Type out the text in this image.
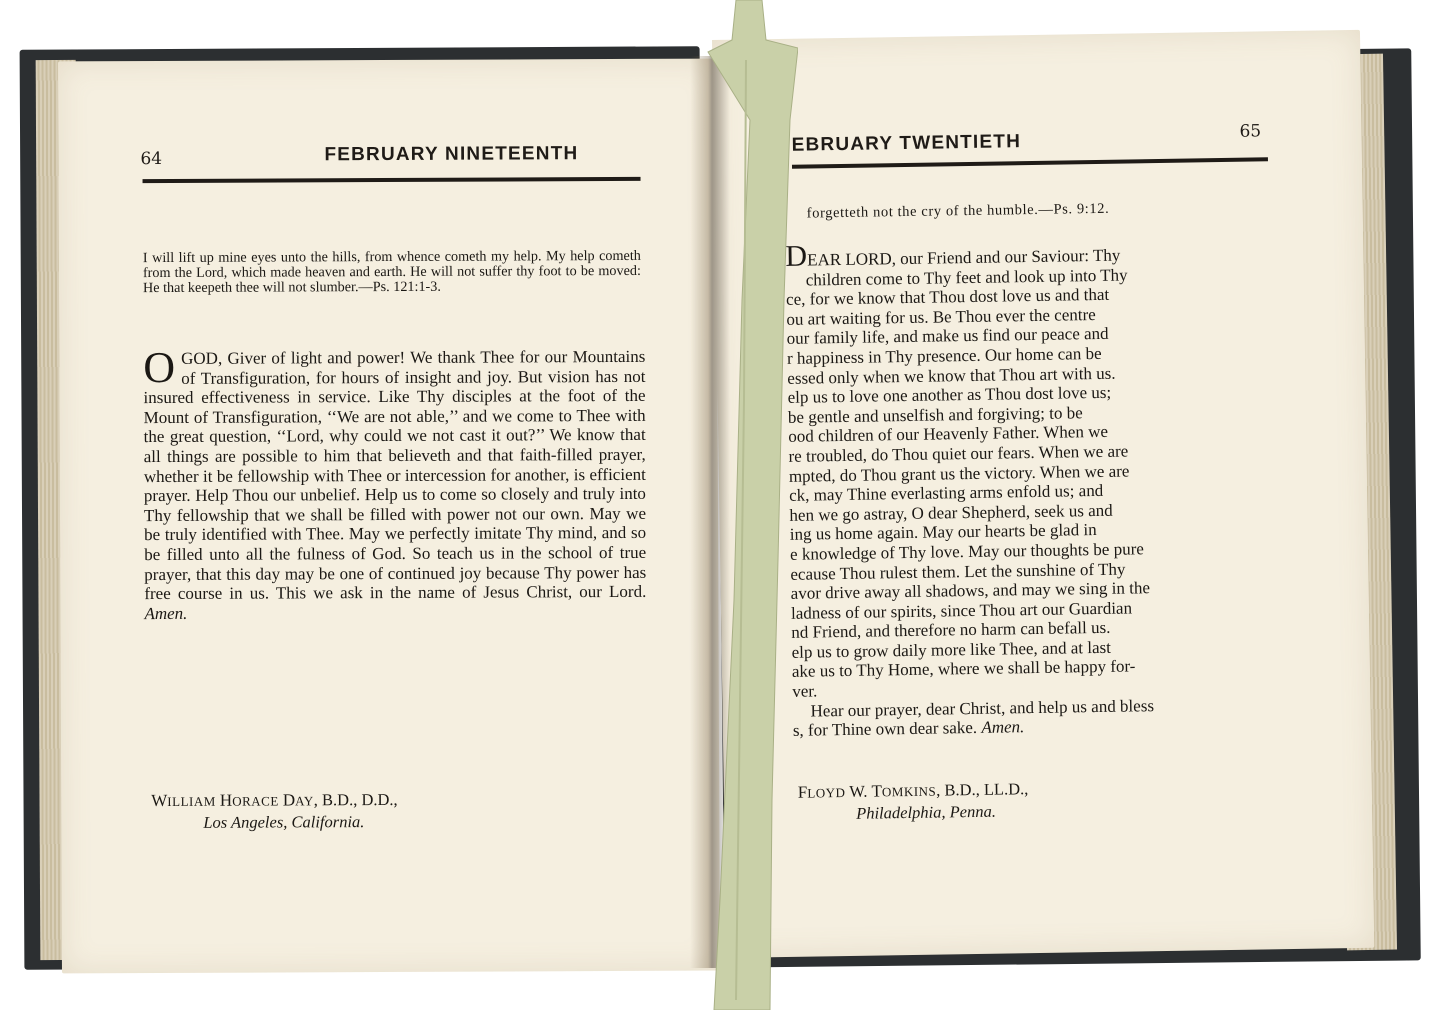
64	FEBRUARY NINETEENTH

I will lift up mine eyes unto the hills, from whence cometh my help. My help cometh from the Lord, which made heaven and earth. He will not suffer thy foot to be moved: He that keepeth thee will not slumber.—Ps. 121:1-3.

O GOD, Giver of light and power! We thank Thee for our Mountains of Transfiguration, for hours of insight and joy. But vision has not insured effectiveness in service. Like Thy disciples at the foot of the Mount of Transfiguration, ‘‘We are not able,’’ and we come to Thee with the great question, ‘‘Lord, why could we not cast it out?’’ We know that all things are possible to him that believeth and that faith-filled prayer, whether it be fellowship with Thee or intercession for another, is efficient prayer. Help Thou our unbelief. Help us to come so closely and truly into Thy fellowship that we shall be filled with power not our own. May we be truly identified with Thee. May we perfectly imitate Thy mind, and so be filled unto all the fulness of God. So teach us in the school of true prayer, that this day may be one of continued joy because Thy power has free course in us. This we ask in the name of Jesus Christ, our Lord. Amen.
WILLIAM HORACE DAY, B.D., D.D.,
Los Angeles, California.
EBRUARY TWENTIETH	65

forgetteth not the cry of the humble.—Ps. 9:12.

DEAR LORD, our Friend and our Saviour: Thy
children come to Thy feet and look up into Thy
ce, for we know that Thou dost love us and that
ou art waiting for us. Be Thou ever the centre
our family life, and make us find our peace and
r happiness in Thy presence. Our home can be
essed only when we know that Thou art with us.
elp us to love one another as Thou dost love us;
be gentle and unselfish and forgiving; to be
ood children of our Heavenly Father. When we
re troubled, do Thou quiet our fears. When we are
mpted, do Thou grant us the victory. When we are
ck, may Thine everlasting arms enfold us; and
hen we go astray, O dear Shepherd, seek us and
ing us home again. May our hearts be glad in
e knowledge of Thy love. May our thoughts be pure
ecause Thou rulest them. Let the sunshine of Thy
avor drive away all shadows, and may we sing in the
ladness of our spirits, since Thou art our Guardian
nd Friend, and therefore no harm can befall us.
elp us to grow daily more like Thee, and at last
ake us to Thy Home, where we shall be happy for-
ver.
Hear our prayer, dear Christ, and help us and bless
s, for Thine own dear sake. Amen.
FLOYD W. TOMKINS, B.D., LL.D.,
Philadelphia, Penna.
